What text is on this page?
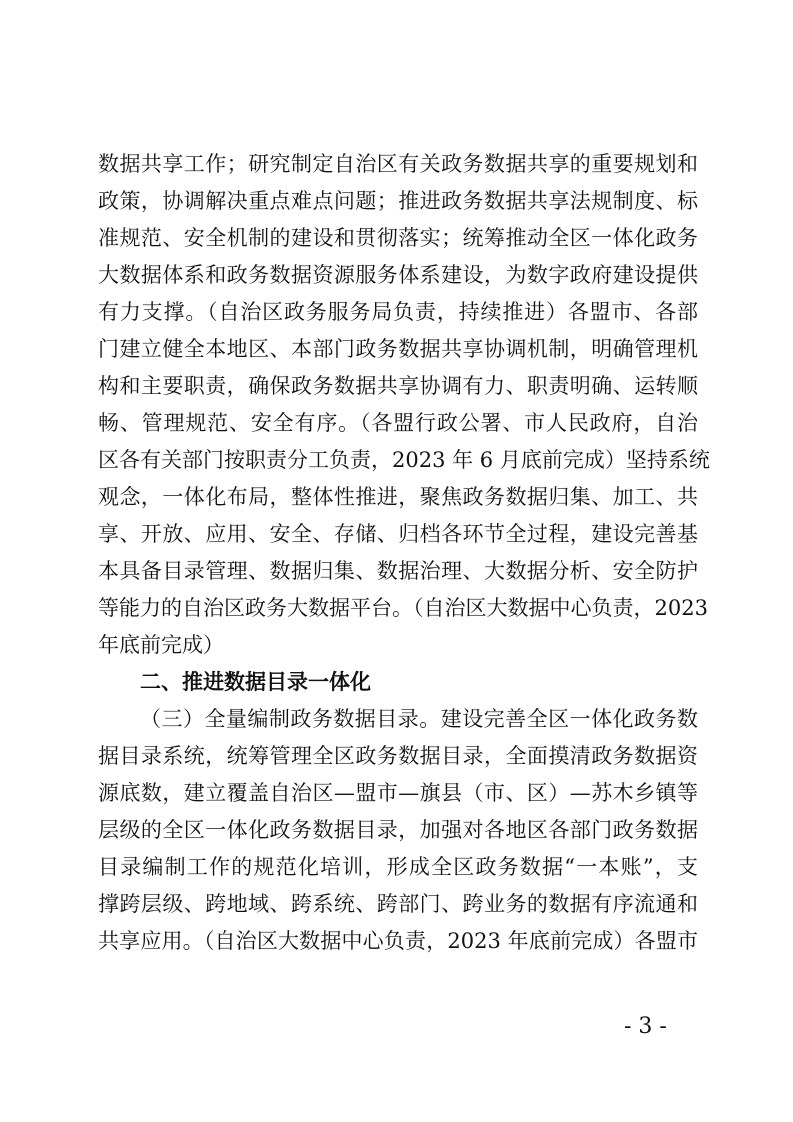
数据共享工作；研究制定自治区有关政务数据共享的重要规划和
政策，协调解决重点难点问题；推进政务数据共享法规制度、标
准规范、安全机制的建设和贯彻落实；统筹推动全区一体化政务
大数据体系和政务数据资源服务体系建设，为数字政府建设提供
有力支撑。（自治区政务服务局负责，持续推进）各盟市、各部
门建立健全本地区、本部门政务数据共享协调机制，明确管理机
构和主要职责，确保政务数据共享协调有力、职责明确、运转顺
畅、管理规范、安全有序。（各盟行政公署、市人民政府，自治
区各有关部门按职责分工负责，2023 年 6 月底前完成）坚持系统
观念，一体化布局，整体性推进，聚焦政务数据归集、加工、共
享、开放、应用、安全、存储、归档各环节全过程，建设完善基
本具备目录管理、数据归集、数据治理、大数据分析、安全防护
等能力的自治区政务大数据平台。（自治区大数据中心负责，2023
年底前完成）
二、推进数据目录一体化
（三）全量编制政务数据目录。建设完善全区一体化政务数
据目录系统，统筹管理全区政务数据目录，全面摸清政务数据资
源底数，建立覆盖自治区—盟市—旗县（市、区）—苏木乡镇等
层级的全区一体化政务数据目录，加强对各地区各部门政务数据
目录编制工作的规范化培训，形成全区政务数据“一本账”，支
撑跨层级、跨地域、跨系统、跨部门、跨业务的数据有序流通和
共享应用。（自治区大数据中心负责，2023 年底前完成）各盟市
- 3 -
